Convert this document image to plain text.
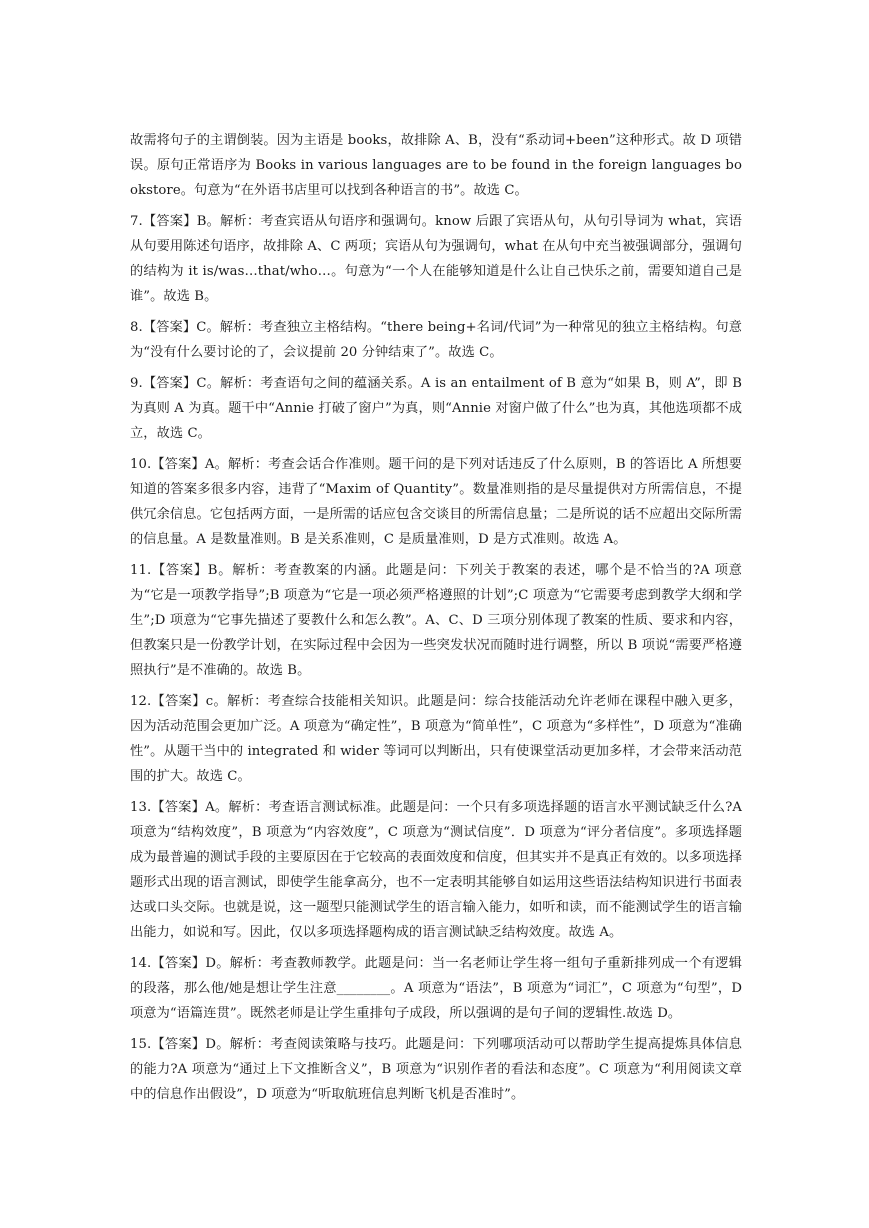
故需将句子的主谓倒装。因为主语是 books，故排除 A、B，没有“系动词+been”这种形式。故 D 项错误。原句正常语序为 Books in various languages are to be found in the foreign languages bookstore。句意为“在外语书店里可以找到各种语言的书”。故选 C。

7.【答案】B。解析：考查宾语从句语序和强调句。know 后跟了宾语从句，从句引导词为 what，宾语从句要用陈述句语序，故排除 A、C 两项；宾语从句为强调句，what 在从句中充当被强调部分，强调句的结构为 it is/was…that/who…。句意为“一个人在能够知道是什么让自己快乐之前，需要知道自己是谁”。故选 B。

8.【答案】C。解析：考查独立主格结构。“there being+名词/代词”为一种常见的独立主格结构。句意为“没有什么要讨论的了，会议提前 20 分钟结束了”。故选 C。

9.【答案】C。解析：考查语句之间的蕴涵关系。A is an entailment of B 意为“如果 B，则 A”，即 B 为真则 A 为真。题干中“Annie 打破了窗户”为真，则“Annie 对窗户做了什么”也为真，其他选项都不成立，故选 C。

10.【答案】A。解析：考查会话合作准则。题干问的是下列对话违反了什么原则，B 的答语比 A 所想要知道的答案多很多内容，违背了“Maxim of Quantity”。数量准则指的是尽量提供对方所需信息，不提供冗余信息。它包括两方面，一是所需的话应包含交谈目的所需信息量；二是所说的话不应超出交际所需的信息量。A 是数量准则。B 是关系准则，C 是质量准则，D 是方式准则。故选 A。

11.【答案】B。解析：考查教案的内涵。此题是问：下列关于教案的表述，哪个是不恰当的?A 项意为“它是一项教学指导”;B 项意为“它是一项必须严格遵照的计划”;C 项意为“它需要考虑到教学大纲和学生”;D 项意为“它事先描述了要教什么和怎么教”。A、C、D 三项分别体现了教案的性质、要求和内容，但教案只是一份教学计划，在实际过程中会因为一些突发状况而随时进行调整，所以 B 项说“需要严格遵照执行”是不准确的。故选 B。

12.【答案】c。解析：考查综合技能相关知识。此题是问：综合技能活动允许老师在课程中融入更多，因为活动范围会更加广泛。A 项意为“确定性”，B 项意为“简单性”，C 项意为“多样性”，D 项意为“准确性”。从题干当中的 integrated 和 wider 等词可以判断出，只有使课堂活动更加多样，才会带来活动范围的扩大。故选 C。

13.【答案】A。解析：考查语言测试标准。此题是问：一个只有多项选择题的语言水平测试缺乏什么?A 项意为“结构效度”，B 项意为“内容效度”，C 项意为“测试信度”．D 项意为“评分者信度”。多项选择题成为最普遍的测试手段的主要原因在于它较高的表面效度和信度，但其实并不是真正有效的。以多项选择题形式出现的语言测试，即使学生能拿高分，也不一定表明其能够自如运用这些语法结构知识进行书面表达或口头交际。也就是说，这一题型只能测试学生的语言输入能力，如听和读，而不能测试学生的语言输出能力，如说和写。因此，仅以多项选择题构成的语言测试缺乏结构效度。故选 A。

14.【答案】D。解析：考查教师教学。此题是问：当一名老师让学生将一组句子重新排列成一个有逻辑的段落，那么他/她是想让学生注意________。A 项意为“语法”，B 项意为“词汇”，C 项意为“句型”，D 项意为“语篇连贯”。既然老师是让学生重排句子成段，所以强调的是句子间的逻辑性.故选 D。

15.【答案】D。解析：考查阅读策略与技巧。此题是问：下列哪项活动可以帮助学生提高提炼具体信息的能力?A 项意为“通过上下文推断含义”，B 项意为“识别作者的看法和态度”。C 项意为“利用阅读文章中的信息作出假设”，D 项意为“听取航班信息判断飞机是否准时”。
